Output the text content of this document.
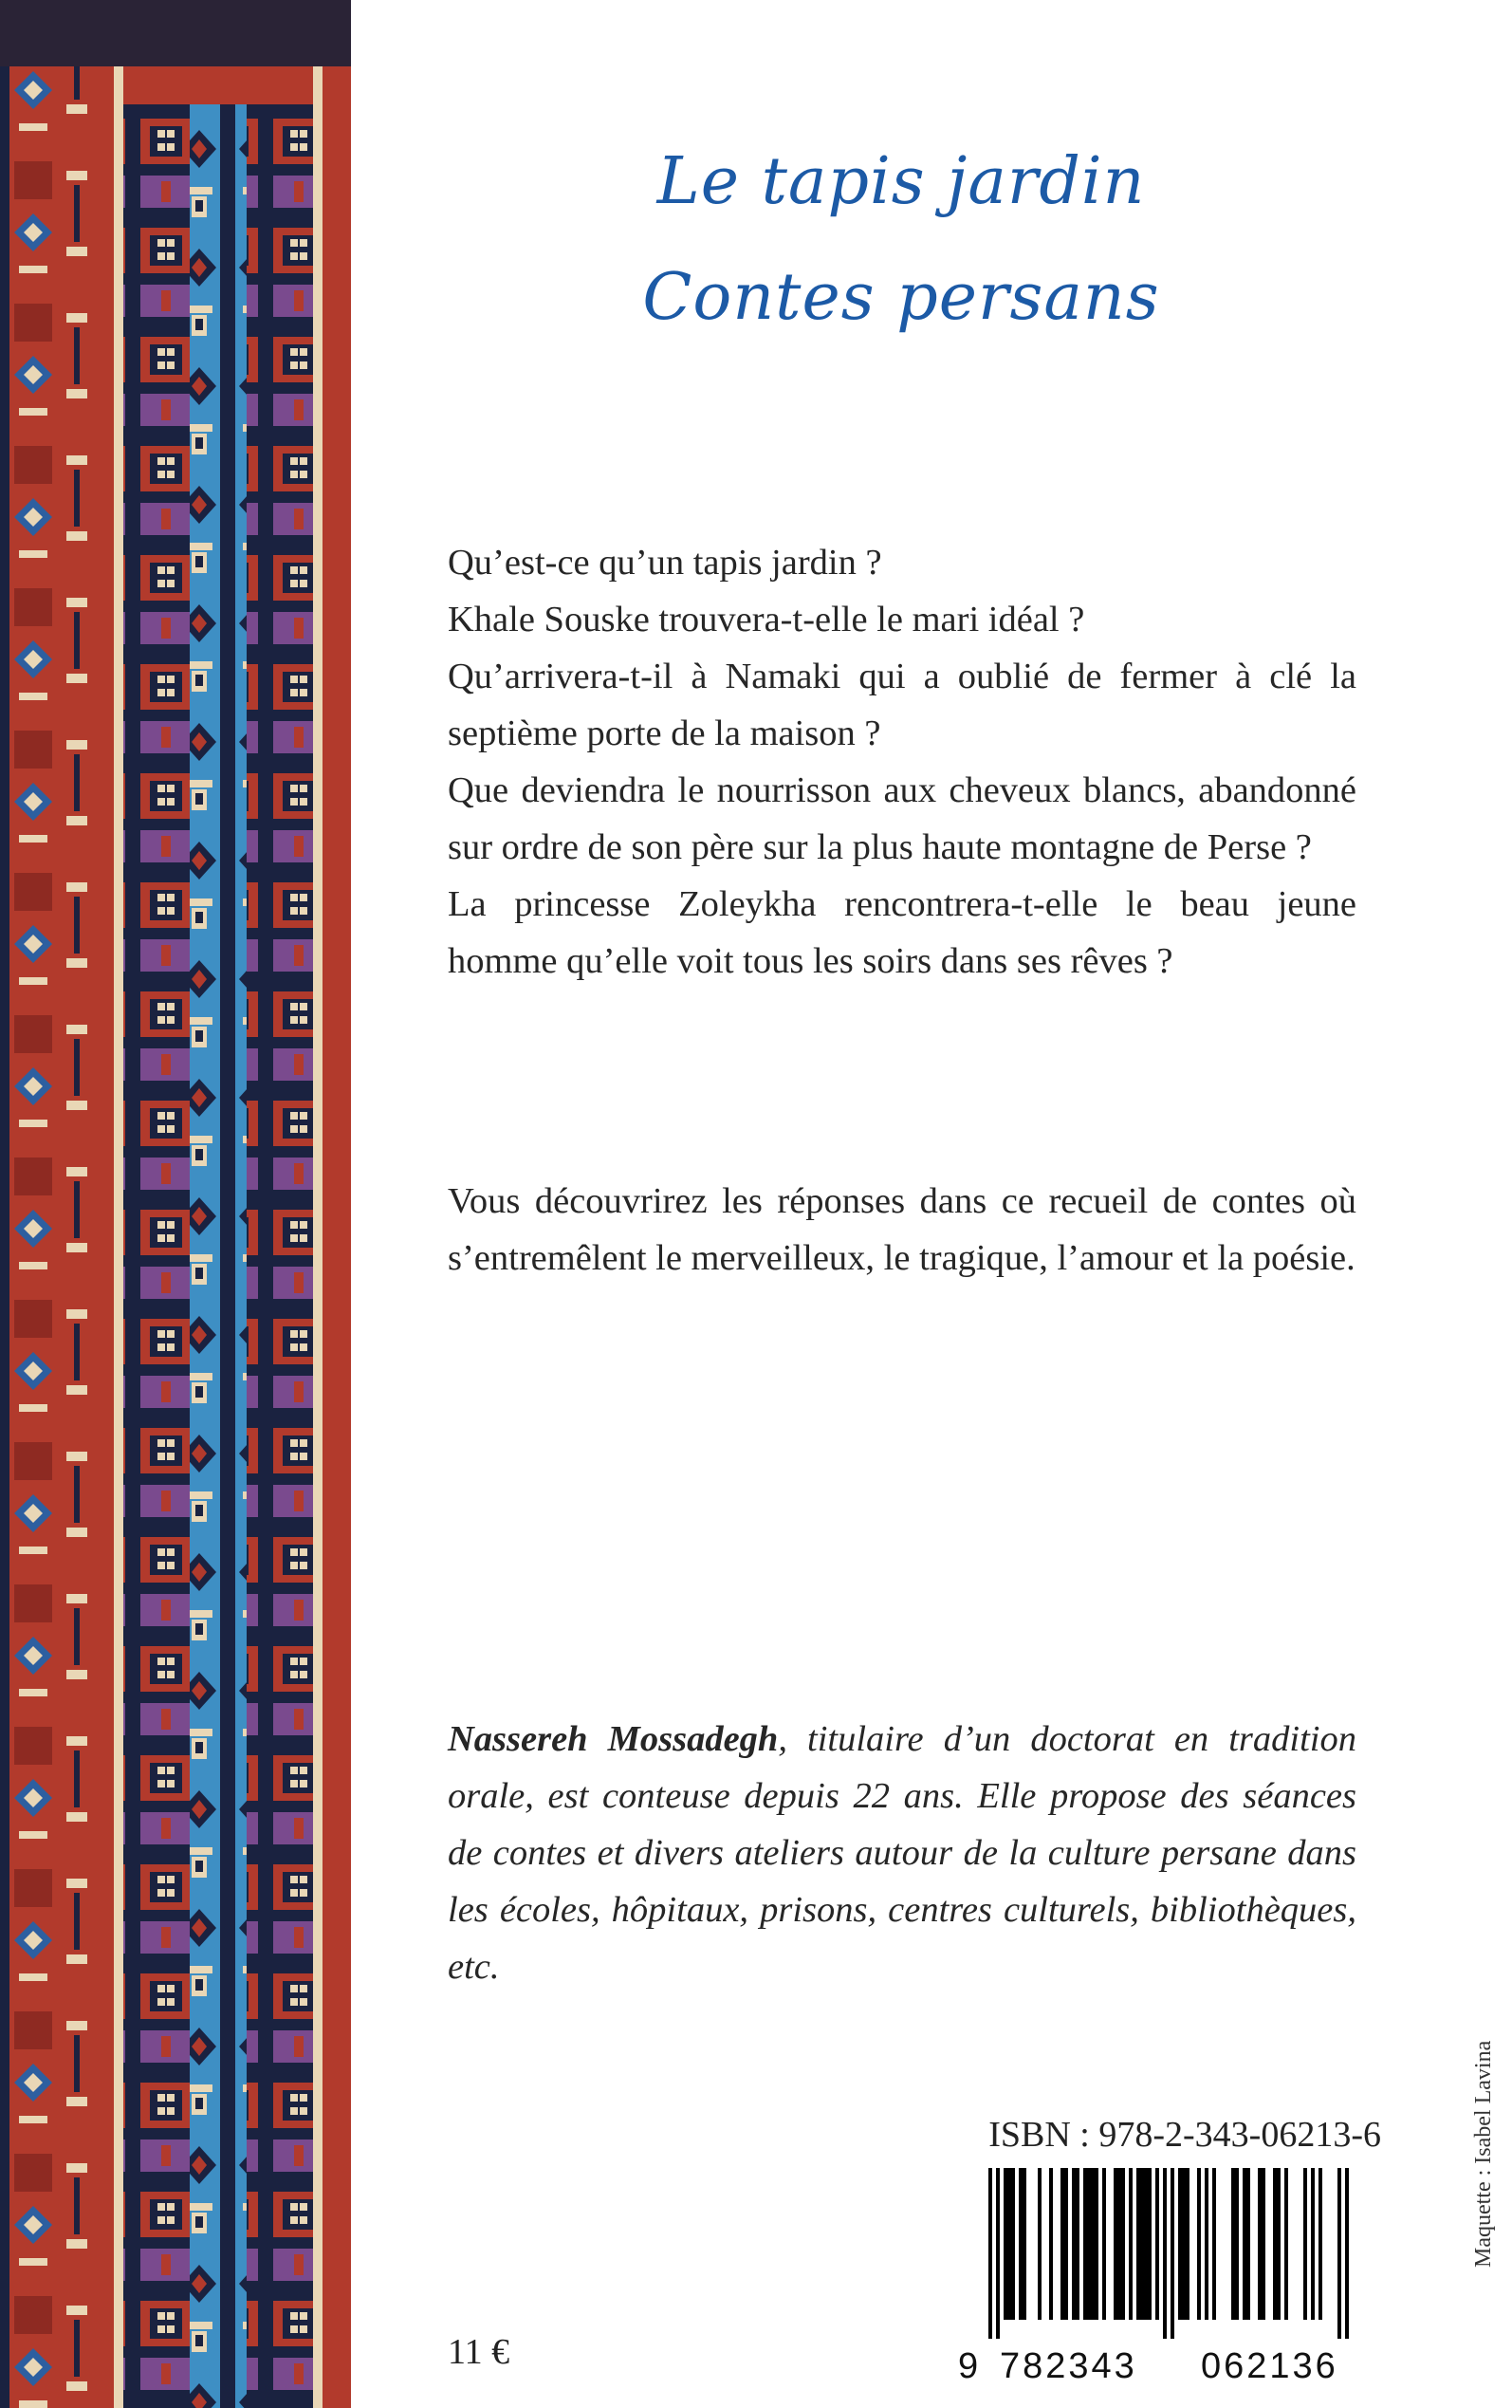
Le tapis jardin
Contes persans

Qu’est-ce qu’un tapis jardin ?

Khale Souske trouvera-t-elle le mari idéal ?

Qu’arrivera-t-il à Namaki qui a oublié de fermer à clé la septième porte de la maison ?

Que deviendra le nourrisson aux cheveux blancs, abandonné sur ordre de son père sur la plus haute montagne de Perse ?

La princesse Zoleykha rencontrera-t-elle le beau jeune homme qu’elle voit tous les soirs dans ses rêves ?

Vous découvrirez les réponses dans ce recueil de contes où s’entremêlent le merveilleux, le tragique, l’amour et la poésie.

Nassereh Mossadegh, titulaire d’un doctorat en tradition orale, est conteuse depuis 22 ans. Elle propose des séances de contes et divers ateliers autour de la culture persane dans les écoles, hôpitaux, prisons, centres culturels, bibliothèques, etc.

ISBN : 978-2-343-06213-6
9 782343 062136
11 €
Maquette : Isabel Lavina
